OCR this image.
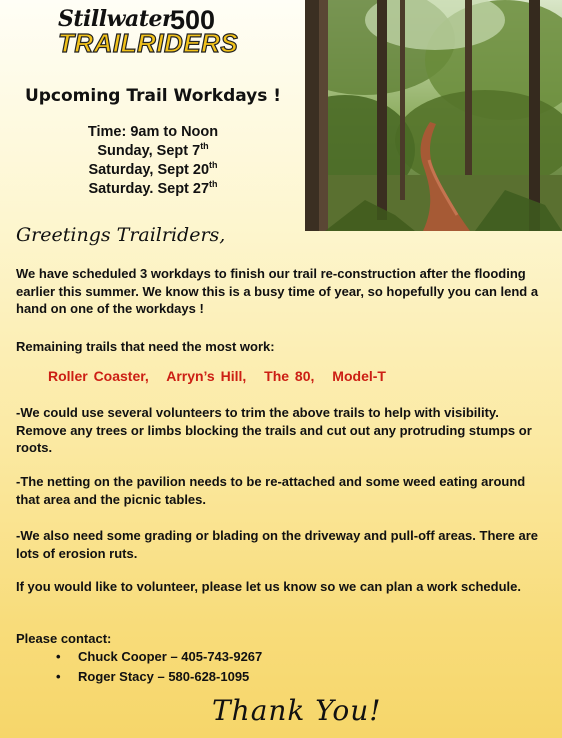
Stillwater
500
TRAILRIDERS
Upcoming Trail Workdays !
Time: 9am to Noon
Sunday, Sept 7th
Saturday, Sept 20th
Saturday. Sept 27th
Greetings Trailriders,
We have scheduled 3 workdays to finish our trail re-construction after the flooding earlier this summer. We know this is a busy time of year, so hopefully you can lend a hand on one of the workdays !
Remaining trails that need the most work:
Roller Coaster, Arryn’s Hill, The 80, Model-T
-We could use several volunteers to trim the above trails to help with visibility. Remove any trees or limbs blocking the trails and cut out any protruding stumps or roots.
-The netting on the pavilion needs to be re-attached and some weed eating around that area and the picnic tables.
-We also need some grading or blading on the driveway and pull-off areas. There are lots of erosion ruts.
If you would like to volunteer, please let us know so we can plan a work schedule.
Please contact:
•	Chuck Cooper – 405-743-9267
•	Roger Stacy – 580-628-1095
Thank You!
